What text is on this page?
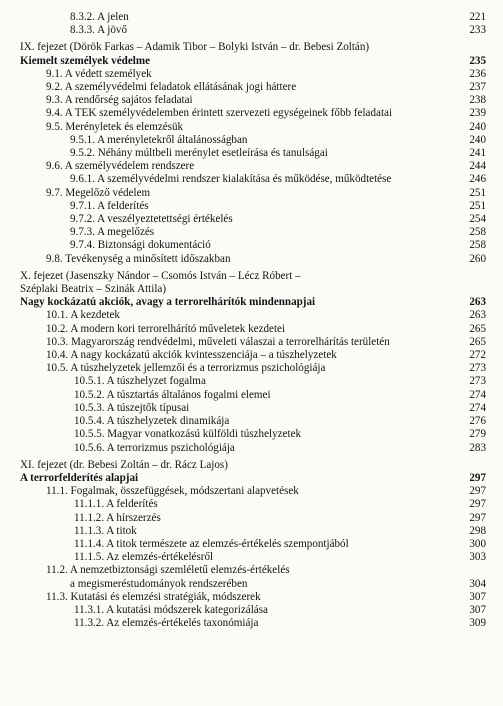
8.3.2. A jelen	221
8.3.3. A jövő	233
IX. fejezet (Dörök Farkas – Adamik Tibor – Bolyki István – dr. Bebesi Zoltán)
Kiemelt személyek védelme	235
9.1. A védett személyek	236
9.2. A személyvédelmi feladatok ellátásának jogi háttere	237
9.3. A rendőrség sajátos feladatai	238
9.4. A TEK személyvédelemben érintett szervezeti egységeinek főbb feladatai	239
9.5. Merényletek és elemzésük	240
9.5.1. A merényletekről általánosságban	240
9.5.2. Néhány múltbeli merénylet esetleírása és tanulságai	241
9.6. A személyvédelem rendszere	244
9.6.1. A személyvédelmi rendszer kialakítása és működése, működtetése	246
9.7. Megelőző védelem	251
9.7.1. A felderítés	251
9.7.2. A veszélyeztetettségi értékelés	254
9.7.3. A megelőzés	258
9.7.4. Biztonsági dokumentáció	258
9.8. Tevékenység a minősített időszakban	260
X. fejezet (Jasenszky Nándor – Csomós István – Lécz Róbert –
Széplaki Beatrix – Szinák Attila)
Nagy kockázatú akciók, avagy a terrorelhárítók mindennapjai	263
10.1. A kezdetek	263
10.2. A modern kori terrorelhárító műveletek kezdetei	265
10.3. Magyarország rendvédelmi, műveleti válaszai a terrorelhárítás területén	265
10.4. A nagy kockázatú akciók kvintesszenciája – a túszhelyzetek	272
10.5. A túszhelyzetek jellemzői és a terrorizmus pszichológiája	273
10.5.1. A túszhelyzet fogalma	273
10.5.2. A túsztartás általános fogalmi elemei	274
10.5.3. A túszejtők típusai	274
10.5.4. A túszhelyzetek dinamikája	276
10.5.5. Magyar vonatkozású külföldi túszhelyzetek	279
10.5.6. A terrorizmus pszichológiája	283
XI. fejezet (dr. Bebesi Zoltán – dr. Rácz Lajos)
A terrorfelderítés alapjai	297
11.1. Fogalmak, összefüggések, módszertani alapvetések	297
11.1.1. A felderítés	297
11.1.2. A hírszerzés	297
11.1.3. A titok	298
11.1.4. A titok természete az elemzés-értékelés szempontjából	300
11.1.5. Az elemzés-értékelésről	303
11.2. A nemzetbiztonsági szemléletű elemzés-értékelés
a megismeréstudományok rendszerében	304
11.3. Kutatási és elemzési stratégiák, módszerek	307
11.3.1. A kutatási módszerek kategorizálása	307
11.3.2. Az elemzés-értékelés taxonómiája	309
